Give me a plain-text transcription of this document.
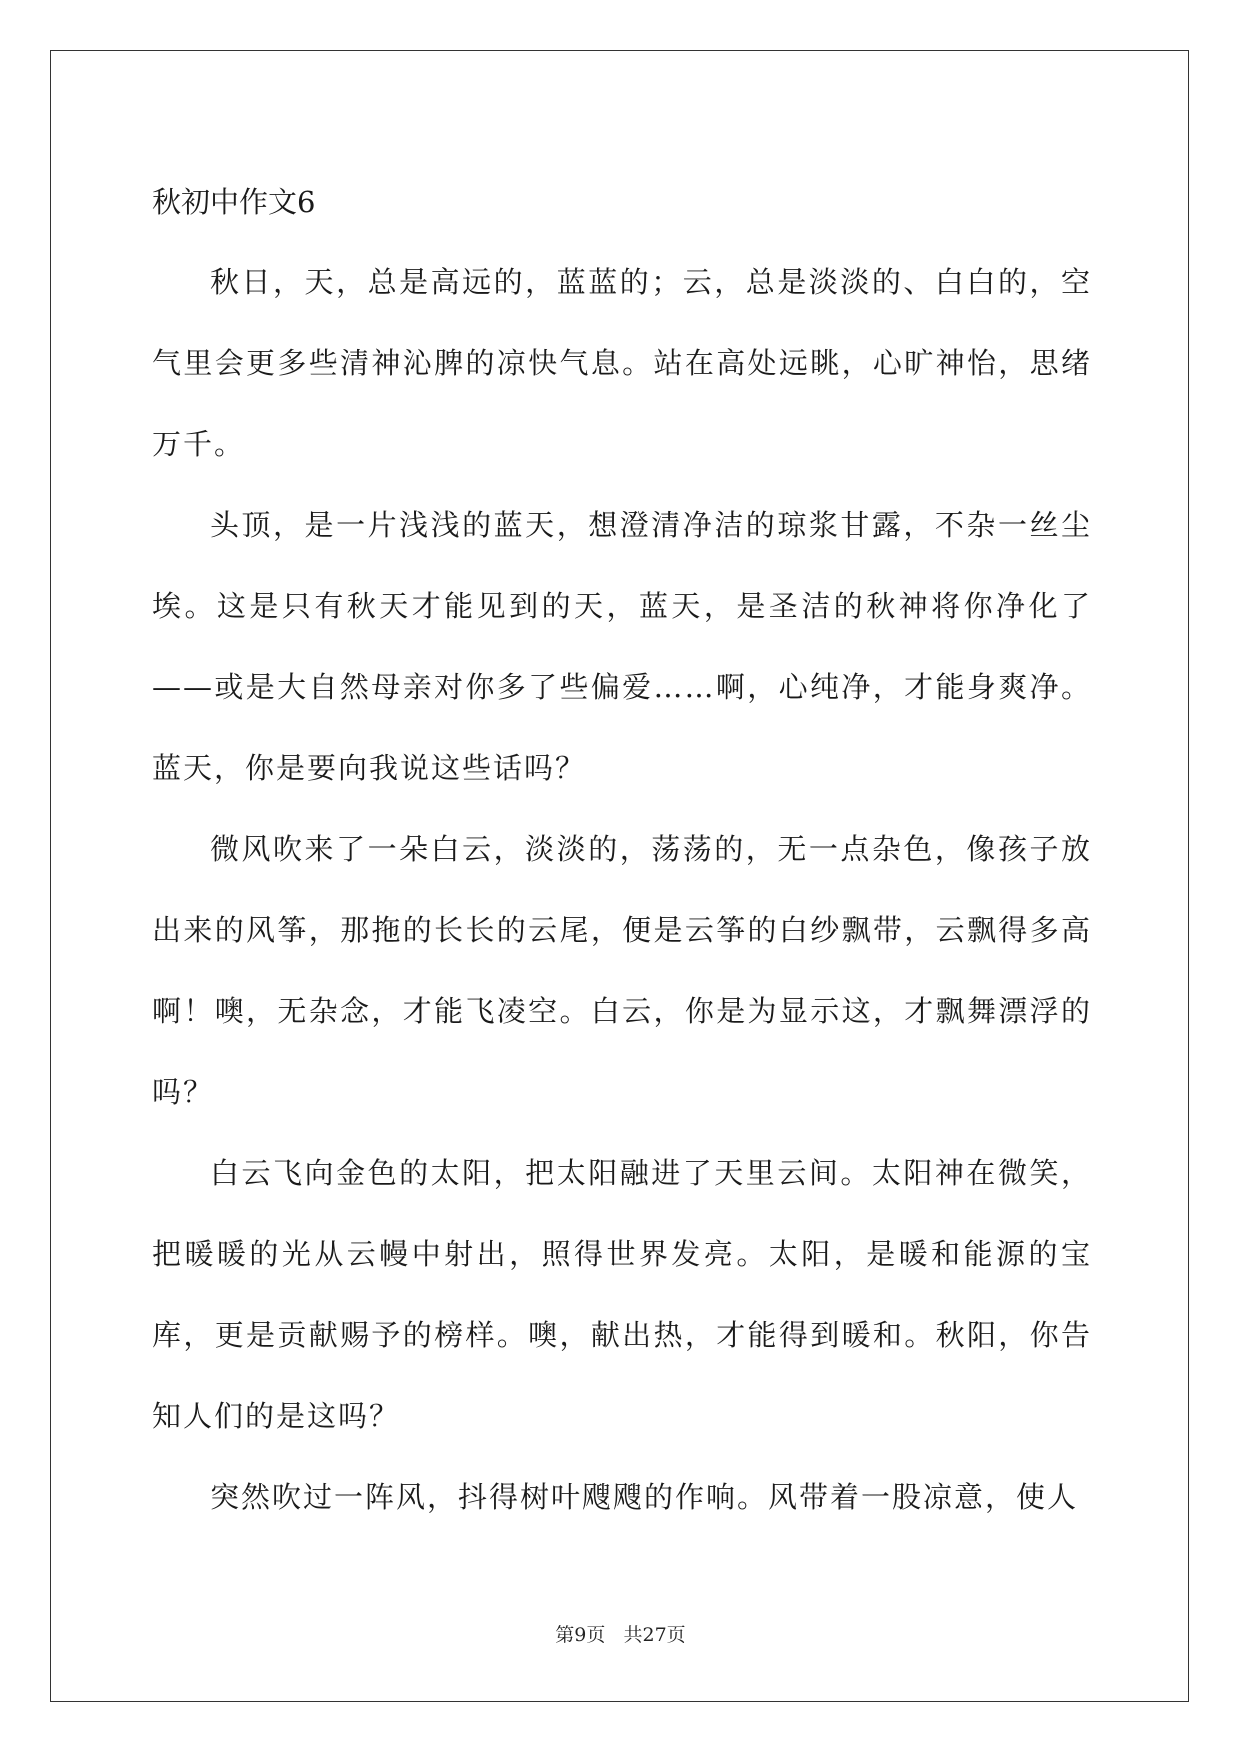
秋初中作文6

秋日，天，总是高远的，蓝蓝的；云，总是淡淡的、白白的，空气里会更多些清神沁脾的凉快气息。站在高处远眺，心旷神怡，思绪万千。

头顶，是一片浅浅的蓝天，想澄清净洁的琼浆甘露，不杂一丝尘埃。这是只有秋天才能见到的天，蓝天，是圣洁的秋神将你净化了——或是大自然母亲对你多了些偏爱……啊，心纯净，才能身爽净。蓝天，你是要向我说这些话吗？

微风吹来了一朵白云，淡淡的，荡荡的，无一点杂色，像孩子放出来的风筝，那拖的长长的云尾，便是云筝的白纱飘带，云飘得多高啊！噢，无杂念，才能飞凌空。白云，你是为显示这，才飘舞漂浮的吗？

白云飞向金色的太阳，把太阳融进了天里云间。太阳神在微笑，把暖暖的光从云幔中射出，照得世界发亮。太阳，是暖和能源的宝库，更是贡献赐予的榜样。噢，献出热，才能得到暖和。秋阳，你告知人们的是这吗？

突然吹过一阵风，抖得树叶飕飕的作响。风带着一股凉意，使人

第9页   共27页
